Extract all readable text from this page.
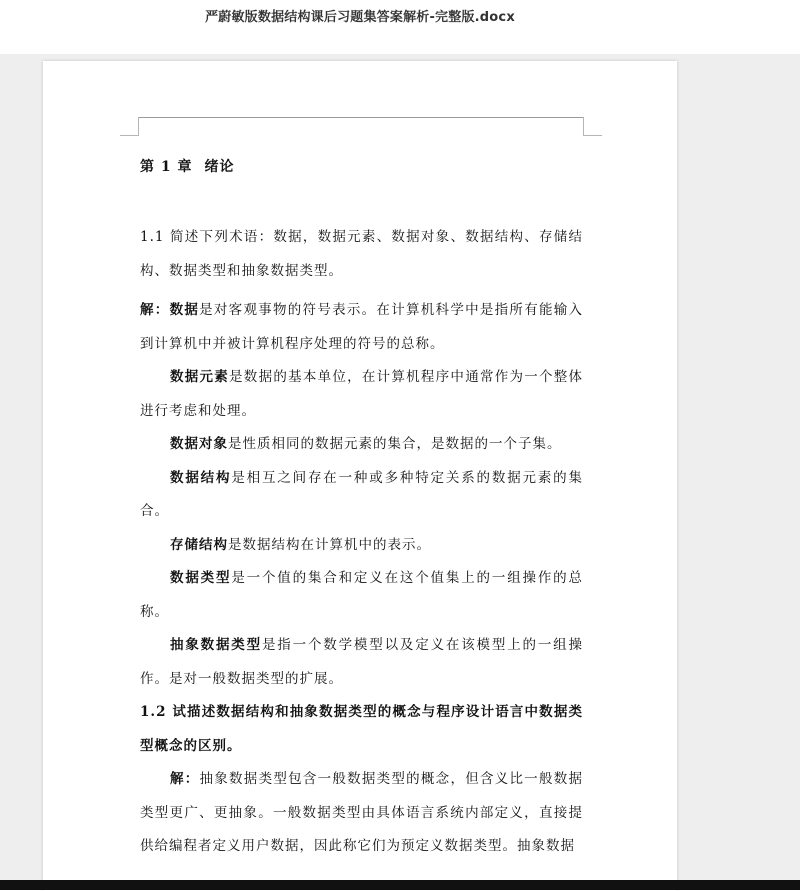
严蔚敏版数据结构课后习题集答案解析-完整版.docx
第 1 章 绪论

1.1 简述下列术语：数据，数据元素、数据对象、数据结构、存储结构、数据类型和抽象数据类型。

解：数据是对客观事物的符号表示。在计算机科学中是指所有能输入到计算机中并被计算机程序处理的符号的总称。

数据元素是数据的基本单位，在计算机程序中通常作为一个整体进行考虑和处理。

数据对象是性质相同的数据元素的集合，是数据的一个子集。

数据结构是相互之间存在一种或多种特定关系的数据元素的集合。

存储结构是数据结构在计算机中的表示。

数据类型是一个值的集合和定义在这个值集上的一组操作的总称。

抽象数据类型是指一个数学模型以及定义在该模型上的一组操作。是对一般数据类型的扩展。

1.2 试描述数据结构和抽象数据类型的概念与程序设计语言中数据类型概念的区别。

解：抽象数据类型包含一般数据类型的概念，但含义比一般数据类型更广、更抽象。一般数据类型由具体语言系统内部定义，直接提供给编程者定义用户数据，因此称它们为预定义数据类型。抽象数据
